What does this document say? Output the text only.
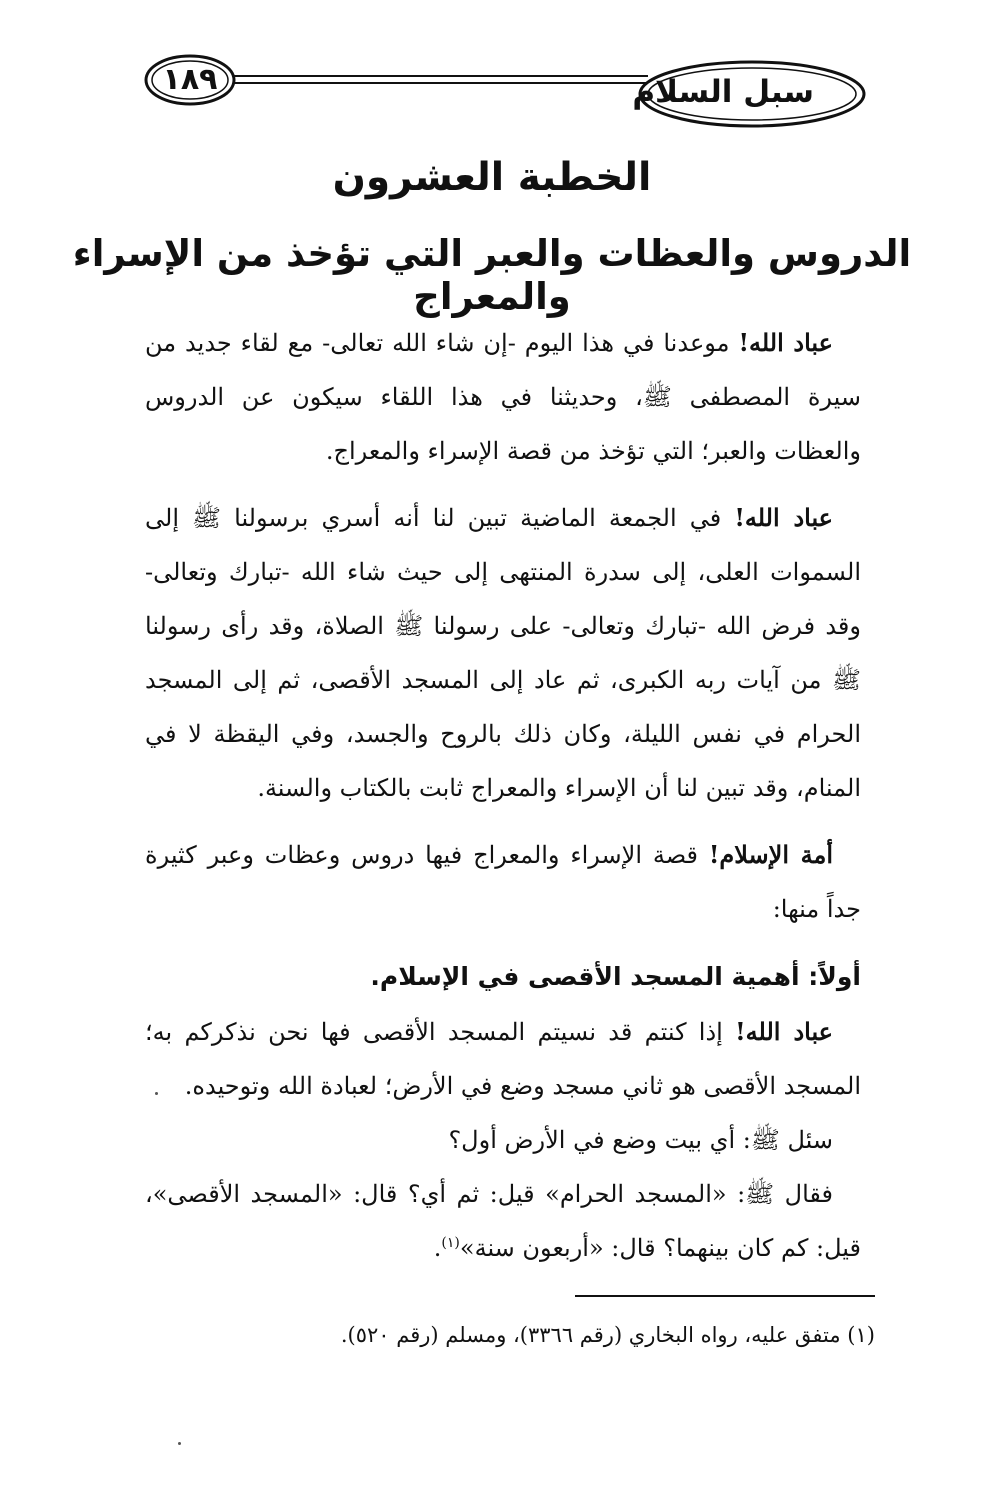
١٨٩	سبل السلام
الخطبة العشرون
الدروس والعظات والعبر التي تؤخذ من الإسراء والمعراج

عباد الله! موعدنا في هذا اليوم -إن شاء الله تعالى- مع لقاء جديد من سيرة المصطفى ﷺ، وحديثنا في هذا اللقاء سيكون عن الدروس والعظات والعبر؛ التي تؤخذ من قصة الإسراء والمعراج.

عباد الله! في الجمعة الماضية تبين لنا أنه أسري برسولنا ﷺ إلى السموات العلى، إلى سدرة المنتهى إلى حيث شاء الله -تبارك وتعالى- وقد فرض الله -تبارك وتعالى- على رسولنا ﷺ الصلاة، وقد رأى رسولنا ﷺ من آيات ربه الكبرى، ثم عاد إلى المسجد الأقصى، ثم إلى المسجد الحرام في نفس الليلة، وكان ذلك بالروح والجسد، وفي اليقظة لا في المنام، وقد تبين لنا أن الإسراء والمعراج ثابت بالكتاب والسنة.

أمة الإسلام! قصة الإسراء والمعراج فيها دروس وعظات وعبر كثيرة جداً منها:

أولاً: أهمية المسجد الأقصى في الإسلام.

عباد الله! إذا كنتم قد نسيتم المسجد الأقصى فها نحن نذكركم به؛ المسجد الأقصى هو ثاني مسجد وضع في الأرض؛ لعبادة الله وتوحيده.

سئل ﷺ: أي بيت وضع في الأرض أول؟

فقال ﷺ: «المسجد الحرام» قيل: ثم أي؟ قال: «المسجد الأقصى»، قيل: كم كان بينهما؟ قال: «أربعون سنة»$^{(١)}$.

(١) متفق عليه، رواه البخاري (رقم ٣٣٦٦)، ومسلم (رقم ٥٢٠).
